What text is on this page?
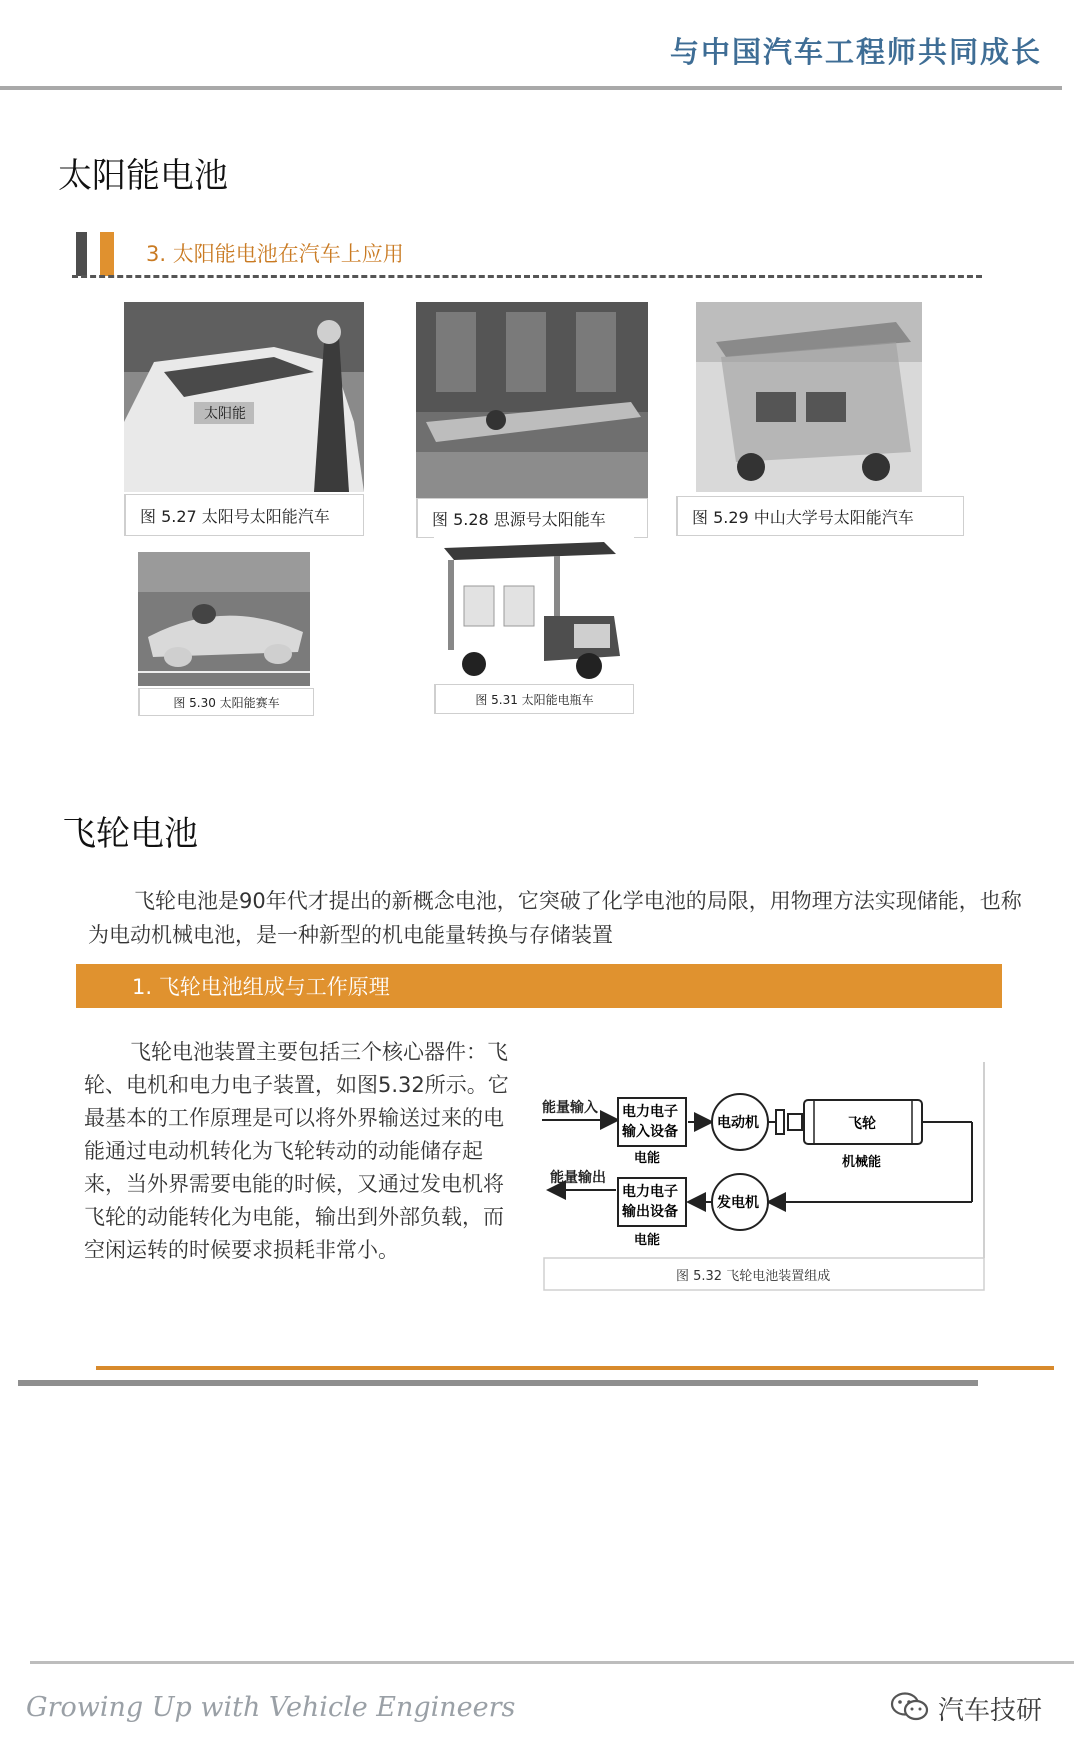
与中国汽车工程师共同成长
太阳能电池
3. 太阳能电池在汽车上应用
太阳能
图 5.27 太阳号太阳能汽车	图 5.28 思源号太阳能车	图 5.29 中山大学号太阳能汽车
图 5.30 太阳能赛车	图 5.31 太阳能电瓶车
飞轮电池
飞轮电池是90年代才提出的新概念电池，它突破了化学电池的局限，用物理方法实现储能，也称为电动机械电池，是一种新型的机电能量转换与存储装置
1. 飞轮电池组成与工作原理
飞轮电池装置主要包括三个核心器件：飞轮、电机和电力电子装置，如图5.32所示。它最基本的工作原理是可以将外界输送过来的电能通过电动机转化为飞轮转动的动能储存起来，当外界需要电能的时候，又通过发电机将飞轮的动能转化为电能，输出到外部负载，而空闲运转的时候要求损耗非常小。
能量输入 电力电子
输入设备
电能
电动机	飞轮
机械能
发电机
电力电子
输出设备
电能
能量输出
图 5.32 飞轮电池装置组成
Growing Up with Vehicle Engineers	汽车技研
